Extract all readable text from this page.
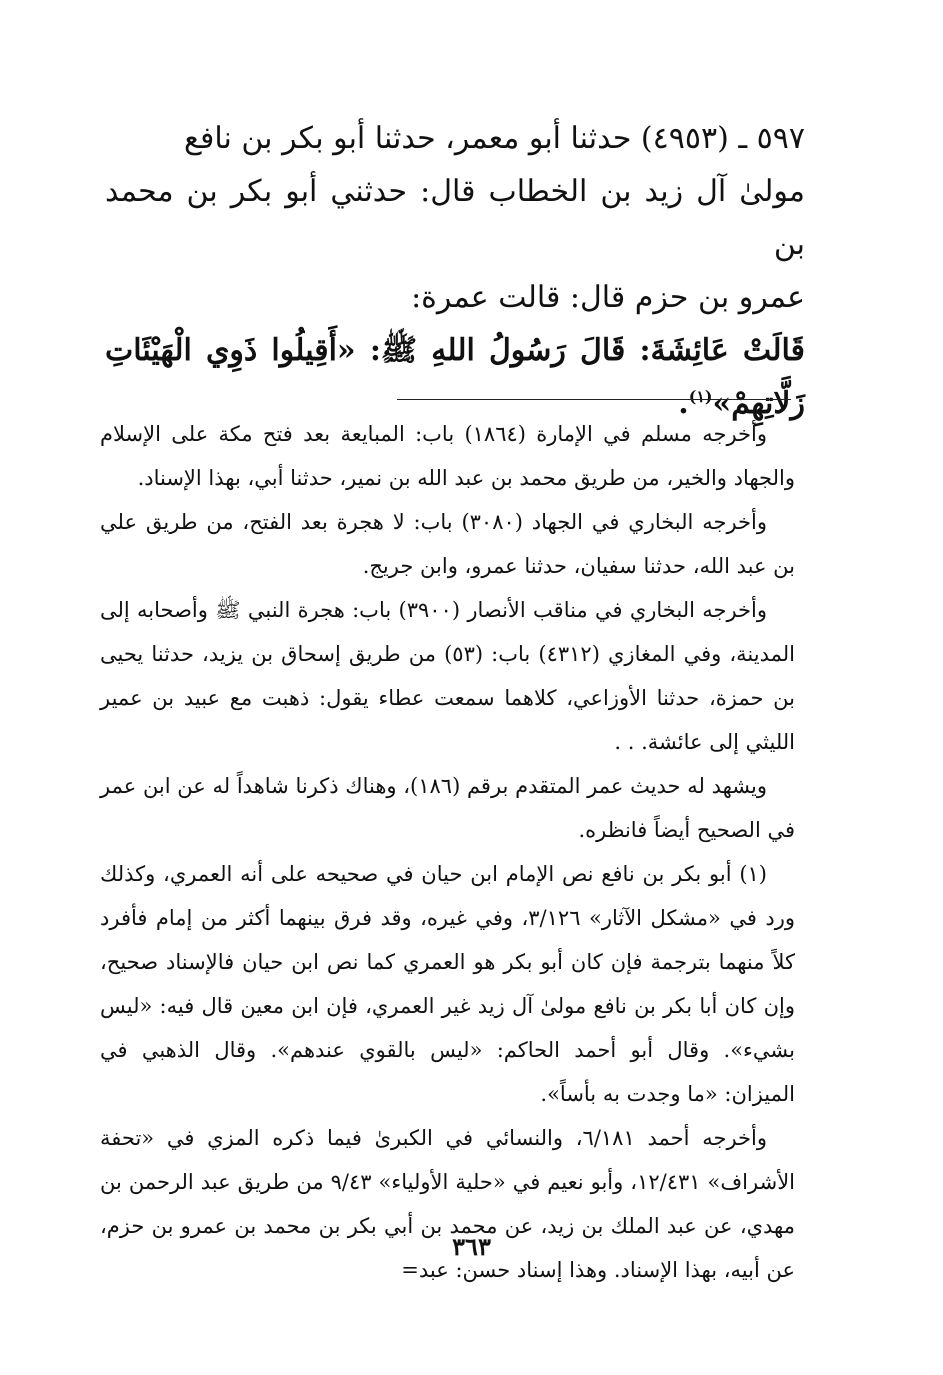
٥٩٧ ـ (٤٩٥٣) حدثنا أبو معمر، حدثنا أبو بكر بن نافع

مولىٰ آل زيد بن الخطاب قال: حدثني أبو بكر بن محمد بن

عمرو بن حزم قال: قالت عمرة:

قَالَتْ عَائِشَةَ: قَالَ رَسُولُ اللهِ ﷺ: «أَقِيلُوا ذَوِي الْهَيْئَاتِ زَلَّاتِهِمْ»$^{(١)}$.

وأخرجه مسلم في الإمارة (١٨٦٤) باب: المبايعة بعد فتح مكة على الإسلام والجهاد والخير، من طريق محمد بن عبد الله بن نمير، حدثنا أبي، بهذا الإسناد.

وأخرجه البخاري في الجهاد (٣٠٨٠) باب: لا هجرة بعد الفتح، من طريق علي بن عبد الله، حدثنا سفيان، حدثنا عمرو، وابن جريج.

وأخرجه البخاري في مناقب الأنصار (٣٩٠٠) باب: هجرة النبي ﷺ وأصحابه إلى المدينة، وفي المغازي (٤٣١٢) باب: (٥٣) من طريق إسحاق بن يزيد، حدثنا يحيى بن حمزة، حدثنا الأوزاعي، كلاهما سمعت عطاء يقول: ذهبت مع عبيد بن عمير الليثي إلى عائشة. . .

ويشهد له حديث عمر المتقدم برقم (١٨٦)، وهناك ذكرنا شاهداً له عن ابن عمر في الصحيح أيضاً فانظره.

(١) أبو بكر بن نافع نص الإمام ابن حيان في صحيحه على أنه العمري، وكذلك ورد في «مشكل الآثار» ٣/١٢٦، وفي غيره، وقد فرق بينهما أكثر من إمام فأفرد كلاً منهما بترجمة فإن كان أبو بكر هو العمري كما نص ابن حيان فالإسناد صحيح، وإن كان أبا بكر بن نافع مولىٰ آل زيد غير العمري، فإن ابن معين قال فيه: «ليس بشيء». وقال أبو أحمد الحاكم: «ليس بالقوي عندهم». وقال الذهبي في الميزان: «ما وجدت به بأساً».

وأخرجه أحمد ٦/١٨١، والنسائي في الكبرىٰ فيما ذكره المزي في «تحفة الأشراف» ١٢/٤٣١، وأبو نعيم في «حلية الأولياء» ٩/٤٣ من طريق عبد الرحمن بن مهدي، عن عبد الملك بن زيد، عن محمد بن أبي بكر بن محمد بن عمرو بن حزم، عن أبيه، بهذا الإسناد. وهذا إسناد حسن: عبد=

٣٦٣
